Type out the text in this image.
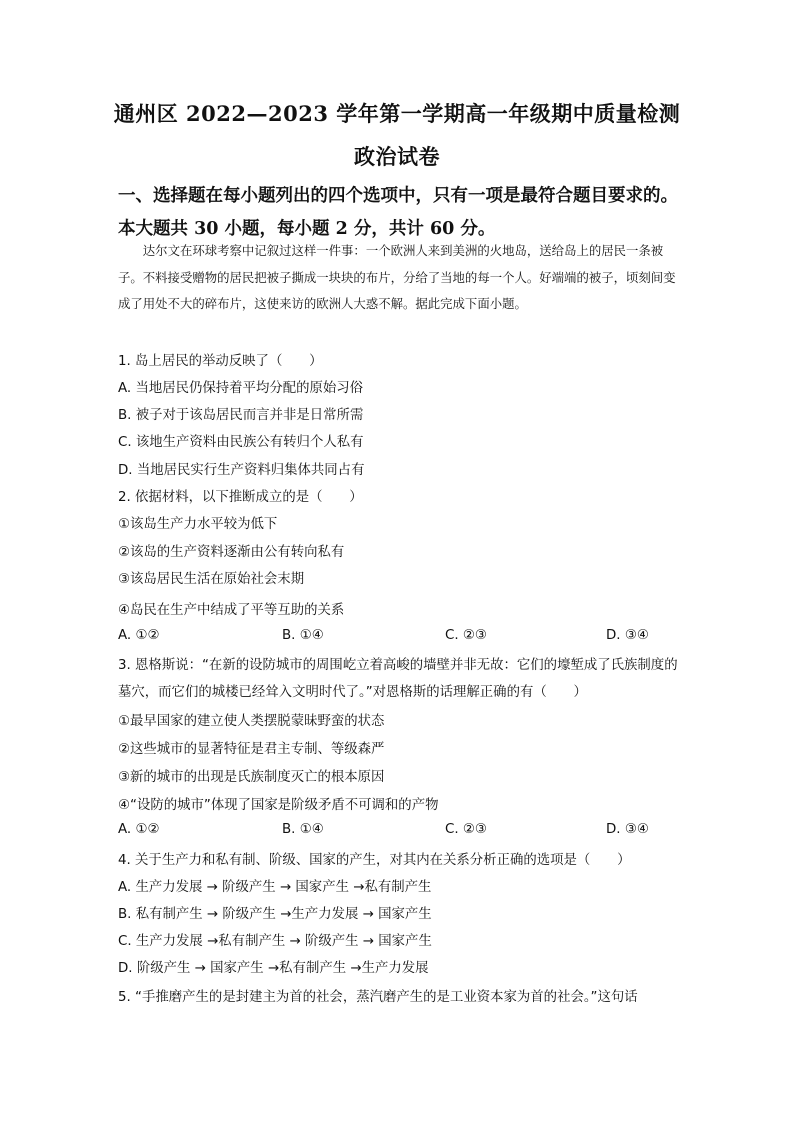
通州区 2022—2023 学年第一学期高一年级期中质量检测
政治试卷
一、选择题在每小题列出的四个选项中，只有一项是最符合题目要求的。本大题共 30 小题，每小题 2 分，共计 60 分。
达尔文在环球考察中记叙过这样一件事：一个欧洲人来到美洲的火地岛，送给岛上的居民一条被子。不料接受赠物的居民把被子撕成一块块的布片，分给了当地的每一个人。好端端的被子，顷刻间变成了用处不大的碎布片，这使来访的欧洲人大惑不解。据此完成下面小题。
1. 岛上居民的举动反映了（　　）
A. 当地居民仍保持着平均分配的原始习俗
B. 被子对于该岛居民而言并非是日常所需
C. 该地生产资料由民族公有转归个人私有
D. 当地居民实行生产资料归集体共同占有
2. 依据材料，以下推断成立的是（　　）
①该岛生产力水平较为低下
②该岛的生产资料逐渐由公有转向私有
③该岛居民生活在原始社会末期
④岛民在生产中结成了平等互助的关系
A. ①②	B. ①④	C. ②③	D. ③④
3. 恩格斯说：“在新的设防城市的周围屹立着高峻的墙壁并非无故：它们的壕堑成了氏族制度的墓穴，而它们的城楼已经耸入文明时代了。”对恩格斯的话理解正确的有（　　）
①最早国家的建立使人类摆脱蒙昧野蛮的状态
②这些城市的显著特征是君主专制、等级森严
③新的城市的出现是氏族制度灭亡的根本原因
④“设防的城市”体现了国家是阶级矛盾不可调和的产物
A. ①②	B. ①④	C. ②③	D. ③④
4. 关于生产力和私有制、阶级、国家的产生，对其内在关系分析正确的选项是（　　）
A. 生产力发展 → 阶级产生 → 国家产生 →私有制产生
B. 私有制产生 → 阶级产生 →生产力发展 → 国家产生
C. 生产力发展 →私有制产生 → 阶级产生 → 国家产生
D. 阶级产生 → 国家产生 →私有制产生 →生产力发展
5. “手推磨产生的是封建主为首的社会，蒸汽磨产生的是工业资本家为首的社会。”这句话
